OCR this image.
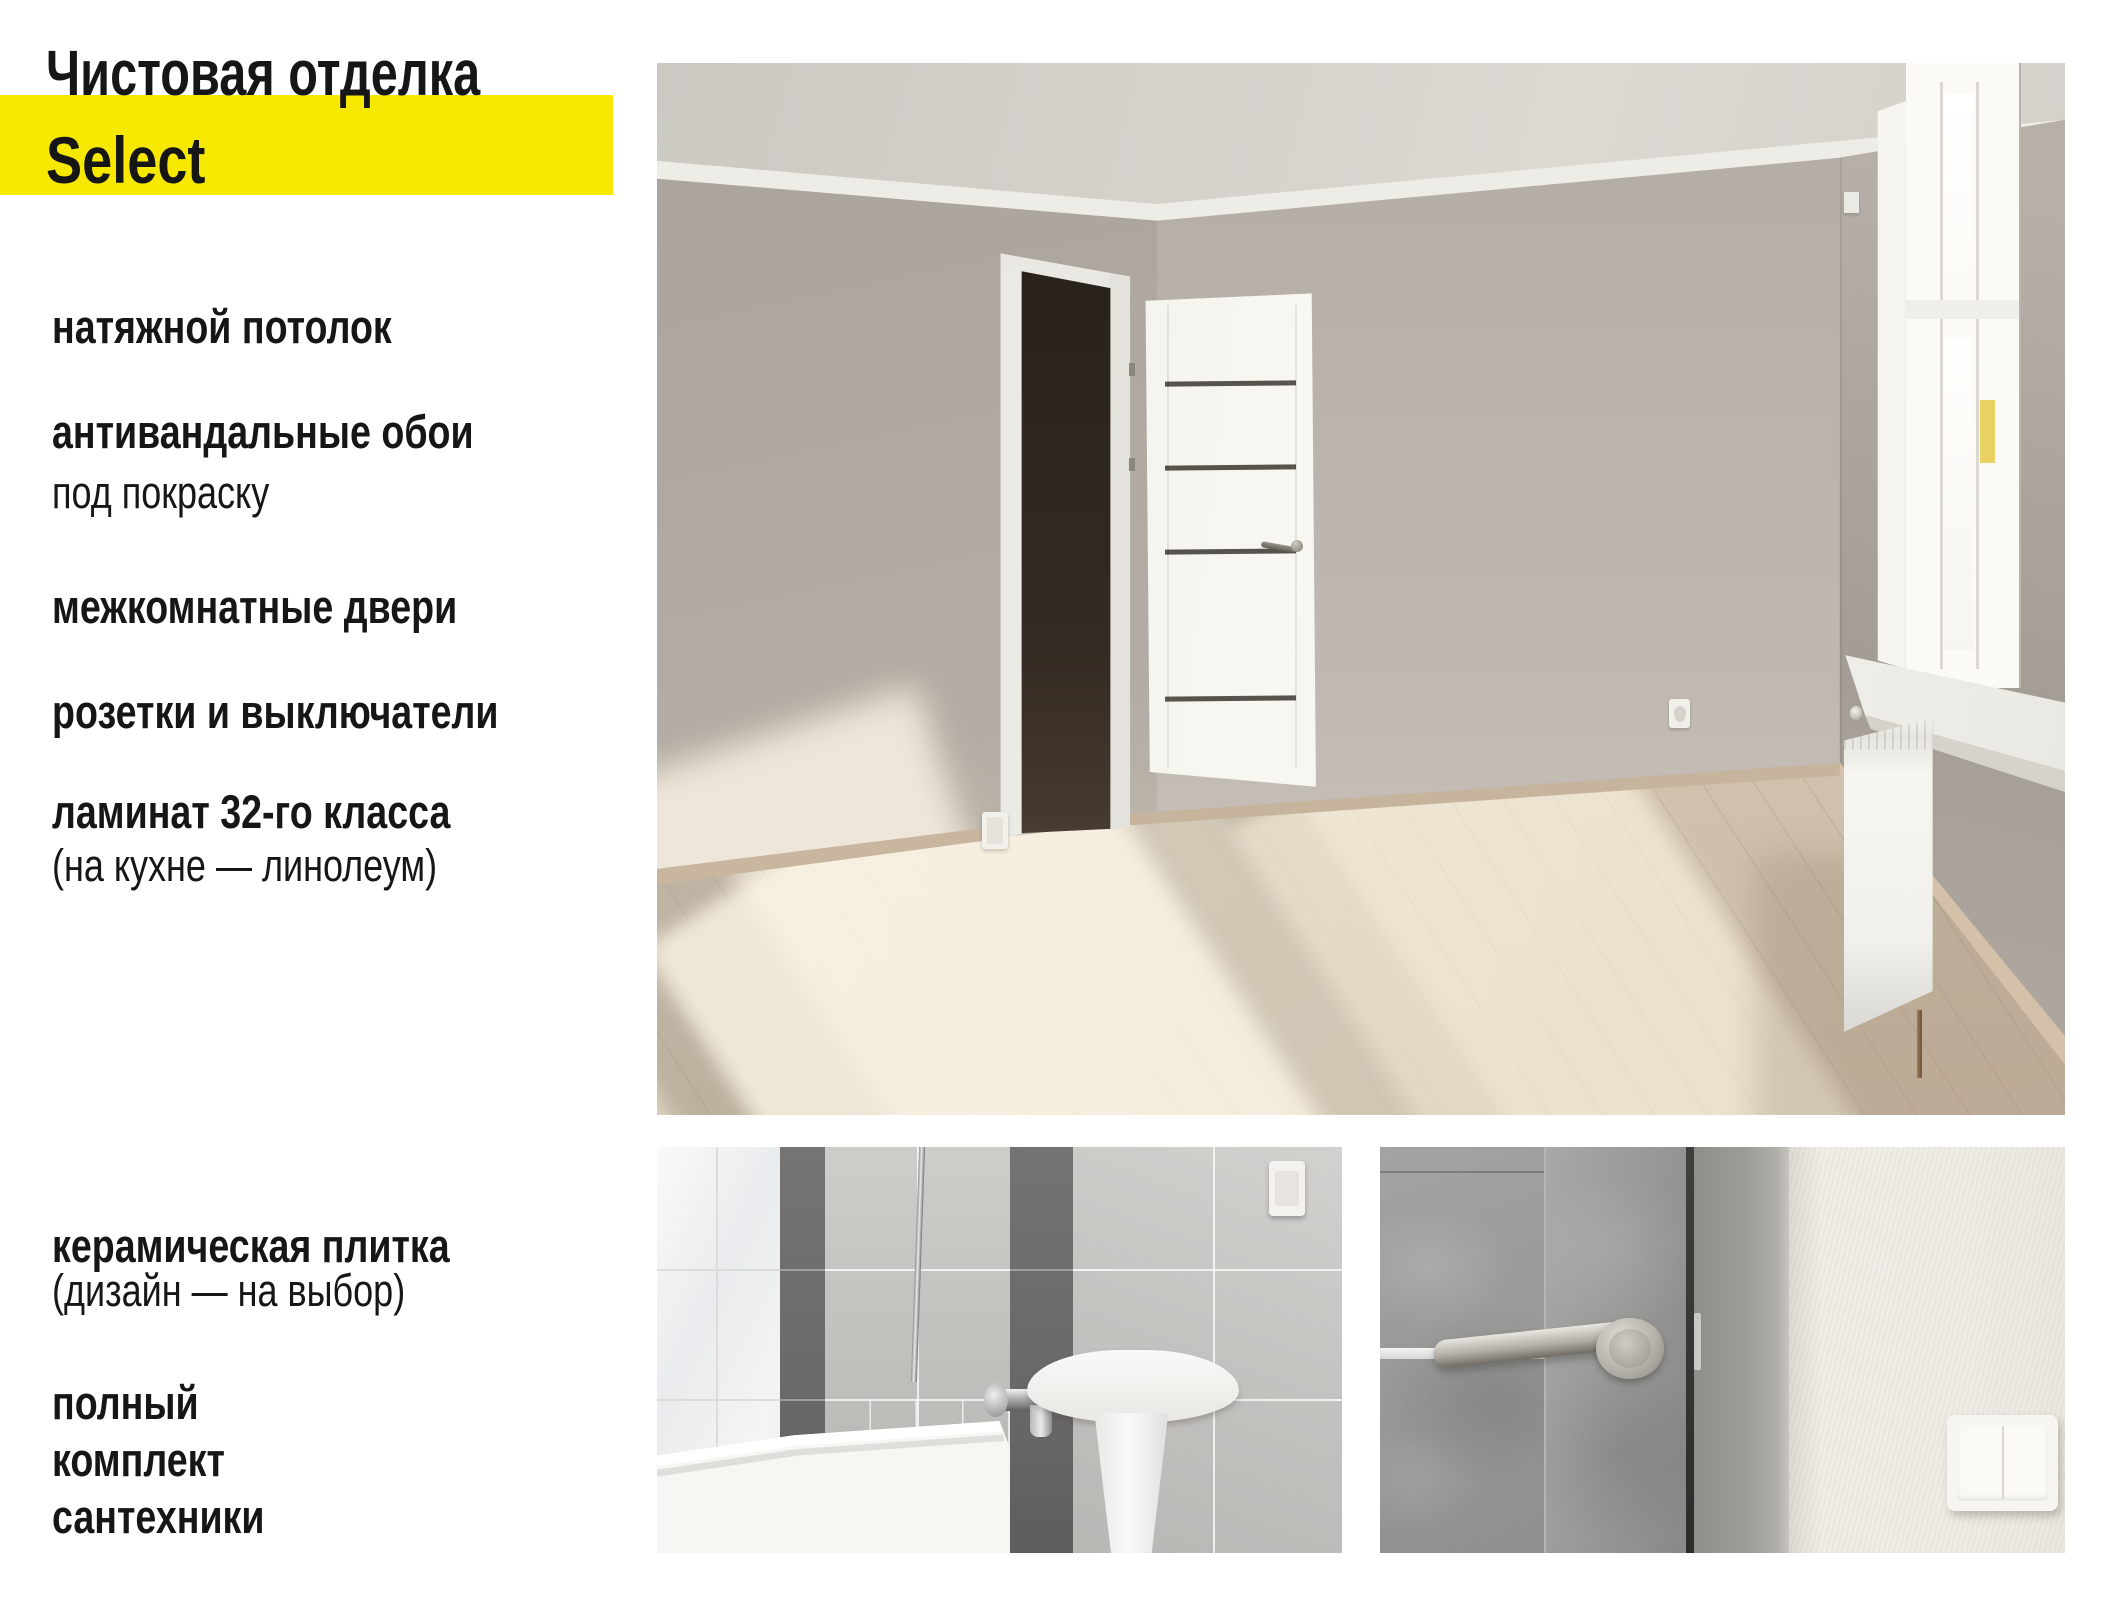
Чистовая отделка
Select
натяжной потолок
антивандальные обои
под покраску
межкомнатные двери
розетки и выключатели
ламинат 32-го класса
(на кухне — линолеум)
керамическая плитка
(дизайн — на выбор)
полный комплект сантехники
